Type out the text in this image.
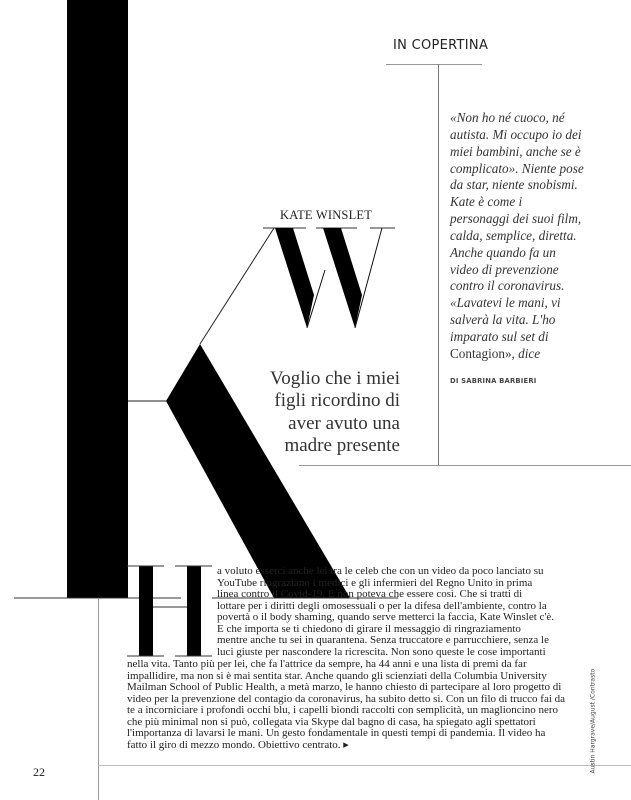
IN COPERTINA
KATE WINSLET
«Non ho né cuoco, né
autista. Mi occupo io dei
miei bambini, anche se è
complicato». Niente pose
da star, niente snobismi.
Kate è come i
personaggi dei suoi film,
calda, semplice, diretta.
Anche quando fa un
video di prevenzione
contro il coronavirus.
«Lavatevi le mani, vi
salverà la vita. L'ho
imparato sul set di
Contagion», dice
DI SABRINA BARBIERI
Voglio che i miei
figli ricordino di
aver avuto una
madre presente
a voluto esserci anche lei tra le celeb che con un video da poco lanciato su
YouTube ringraziano i medici e gli infermieri del Regno Unito in prima
linea contro il Covid-19. E non poteva che essere così. Che si tratti di
lottare per i diritti degli omosessuali o per la difesa dell'ambiente, contro la
povertà o il body shaming, quando serve metterci la faccia, Kate Winslet c'è.
E che importa se ti chiedono di girare il messaggio di ringraziamento
mentre anche tu sei in quarantena. Senza truccatore e parrucchiere, senza le
luci giuste per nascondere la ricrescita. Non sono queste le cose importanti
nella vita. Tanto più per lei, che fa l'attrice da sempre, ha 44 anni e una lista di premi da far
impallidire, ma non si è mai sentita star. Anche quando gli scienziati della Columbia University
Mailman School of Public Health, a metà marzo, le hanno chiesto di partecipare al loro progetto di
video per la prevenzione del contagio da coronavirus, ha subito detto sì. Con un filo di trucco fai da
te a incorniciare i profondi occhi blu, i capelli biondi raccolti con semplicità, un maglioncino nero
che più minimal non si può, collegata via Skype dal bagno di casa, ha spiegato agli spettatori
l'importanza di lavarsi le mani. Un gesto fondamentale in questi tempi di pandemia. Il video ha
fatto il giro di mezzo mondo. Obiettivo centrato. ▸
22	Austin Hargrave/August /Contrasto
